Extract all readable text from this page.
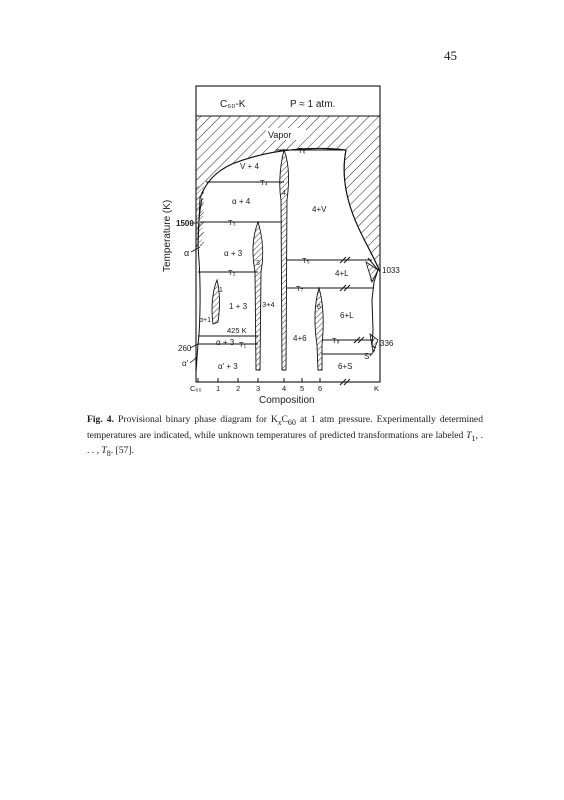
45
C₆₀-K	P ≈ 1 atm.
Temperature (K)
Composition
C₆₀ 1 2 3	4 5 6	K
1500
260
1033
336
425 K
T₁
T₂
T₃
T₄
T₅
T₆
T₇
T₈
Vapor
V + 4
α + 4
4+V
α + 3
4+L
1 + 3 3+4
6+L
α+1
α + 3	4+6
α' + 3	6+S
α
α'
S
L
1
3
4
6
Fig. 4. Provisional binary phase diagram for $K_xC_{60}$ at 1 atm pressure. Experimentally determined temperatures are indicated, while unknown temperatures of predicted transformations are labeled $T_1$, . . . , $T_8$. [57].
